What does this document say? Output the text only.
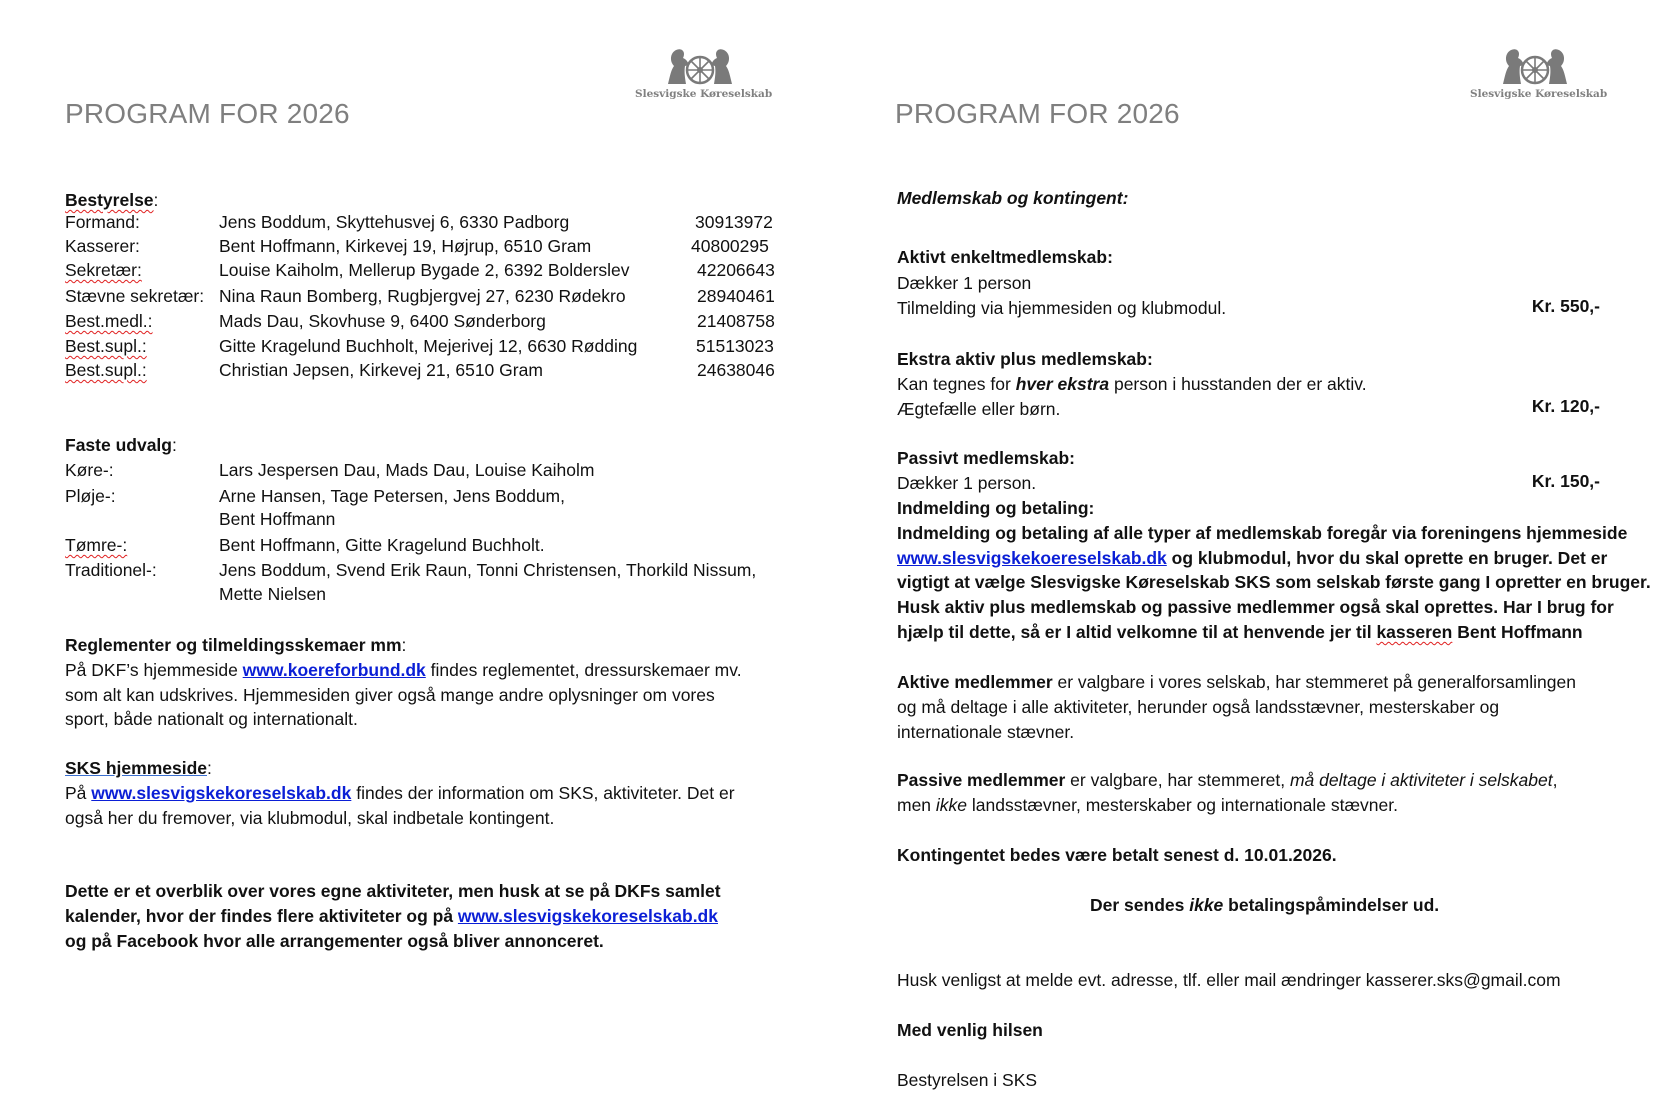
Slesvigske Køreselskab
PROGRAM FOR 2026
Bestyrelse:
Formand:	Jens Boddum, Skyttehusvej 6, 6330 Padborg	30913972
Kasserer:	Bent Hoffmann, Kirkevej 19, Højrup, 6510 Gram	40800295
Sekretær:	Louise Kaiholm, Mellerup Bygade 2, 6392 Bolderslev	42206643
Stævne sekretær: Nina Raun Bomberg, Rugbjergvej 27, 6230 Rødekro	28940461
Best.medl.:	Mads Dau, Skovhuse 9, 6400 Sønderborg	21408758
Best.supl.:	Gitte Kragelund Buchholt, Mejerivej 12, 6630 Rødding	51513023
Best.supl.:	Christian Jepsen, Kirkevej 21, 6510 Gram	24638046
Faste udvalg:
Køre-:	Lars Jespersen Dau, Mads Dau, Louise Kaiholm
Pløje-:	Arne Hansen, Tage Petersen, Jens Boddum,
Bent Hoffmann
Tømre-:	Bent Hoffmann, Gitte Kragelund Buchholt.
Traditionel-:	Jens Boddum, Svend Erik Raun, Tonni Christensen, Thorkild Nissum,
Mette Nielsen
Reglementer og tilmeldingsskemaer mm:
På DKF’s hjemmeside www.koereforbund.dk findes reglementet, dressurskemaer mv.
som alt kan udskrives. Hjemmesiden giver også mange andre oplysninger om vores
sport, både nationalt og internationalt.
SKS hjemmeside:
På www.slesvigskekoreselskab.dk findes der information om SKS, aktiviteter. Det er
også her du fremover, via klubmodul, skal indbetale kontingent.
Dette er et overblik over vores egne aktiviteter, men husk at se på DKFs samlet
kalender, hvor der findes flere aktiviteter og på www.slesvigskekoreselskab.dk
og på Facebook hvor alle arrangementer også bliver annonceret.
Slesvigske Køreselskab
PROGRAM FOR 2026
Medlemskab og kontingent:
Aktivt enkeltmedlemskab:
Dækker 1 person
Tilmelding via hjemmesiden og klubmodul.	Kr. 550,-
Ekstra aktiv plus medlemskab:
Kan tegnes for hver ekstra person i husstanden der er aktiv.
Ægtefælle eller børn.	Kr. 120,-
Passivt medlemskab:
Dækker 1 person.	Kr. 150,-
Indmelding og betaling:
Indmelding og betaling af alle typer af medlemskab foregår via foreningens hjemmeside
www.slesvigskekoereselskab.dk og klubmodul, hvor du skal oprette en bruger. Det er
vigtigt at vælge Slesvigske Køreselskab SKS som selskab første gang I opretter en bruger.
Husk aktiv plus medlemskab og passive medlemmer også skal oprettes. Har I brug for
hjælp til dette, så er I altid velkomne til at henvende jer til kasseren Bent Hoffmann
Aktive medlemmer er valgbare i vores selskab, har stemmeret på generalforsamlingen
og må deltage i alle aktiviteter, herunder også landsstævner, mesterskaber og
internationale stævner.
Passive medlemmer er valgbare, har stemmeret, må deltage i aktiviteter i selskabet,
men ikke landsstævner, mesterskaber og internationale stævner.
Kontingentet bedes være betalt senest d. 10.01.2026.
Der sendes ikke betalingspåmindelser ud.
Husk venligst at melde evt. adresse, tlf. eller mail ændringer kasserer.sks@gmail.com
Med venlig hilsen
Bestyrelsen i SKS
